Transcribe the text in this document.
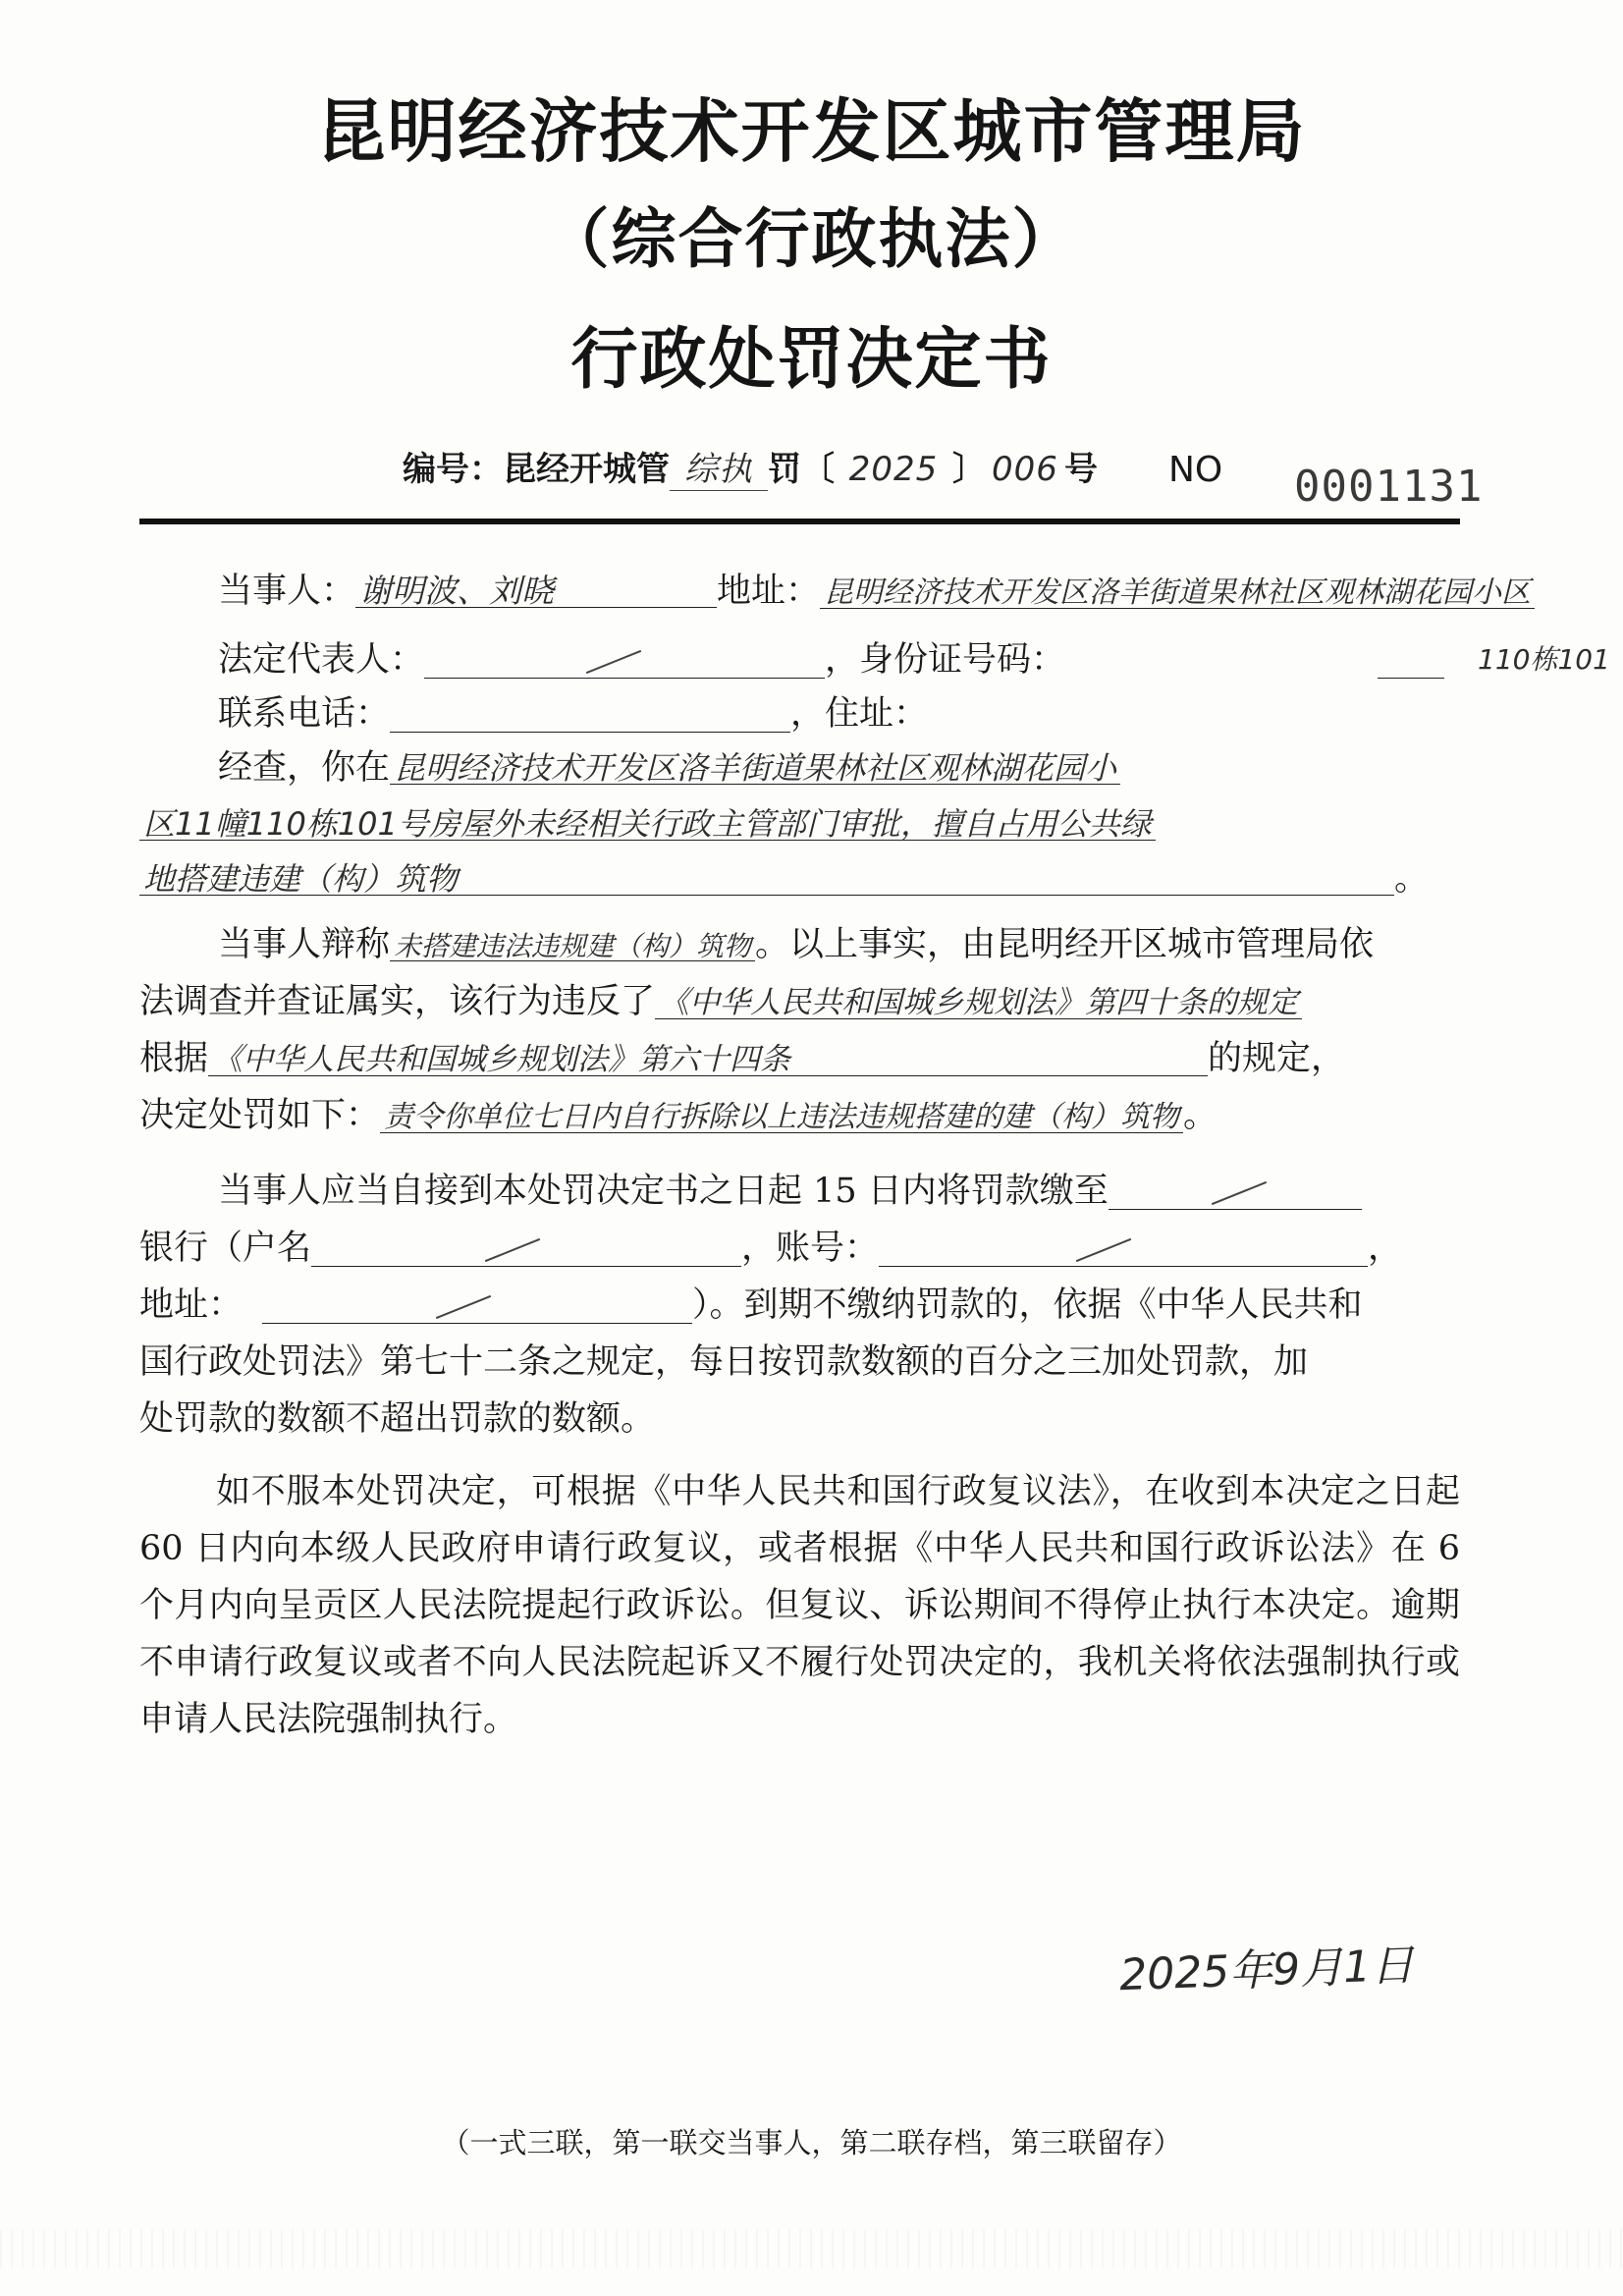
昆明经济技术开发区城市管理局
（综合行政执法）
行政处罚决定书
编号：昆经开城管 综执 罚〔 2025 〕 006 号 NO 0001131
当事人： 谢明波、刘晓	地址： 昆明经济技术开发区洛羊街道果林社区观林湖花园小区
110栋101
法定代表人：	，身份证号码：
联系电话：	，住址：
经查，你在 昆明经济技术开发区洛羊街道果林社区观林湖花园小
区11幢110栋101号房屋外未经相关行政主管部门审批，擅自占用公共绿
地搭建违建（构）筑物	。
当事人辩称 未搭建违法违规建（构）筑物 。以上事实，由昆明经开区城市管理局依
法调查并查证属实，该行为违反了 《中华人民共和国城乡规划法》第四十条的规定
根据 《中华人民共和国城乡规划法》第六十四条	的规定，
决定处罚如下： 责令你单位七日内自行拆除以上违法违规搭建的建（构）筑物 。
当事人应当自接到本处罚决定书之日起 15 日内将罚款缴至
银行（户名	，账号：	，
地址：	）。到期不缴纳罚款的，依据《中华人民共和
国行政处罚法》第七十二条之规定，每日按罚款数额的百分之三加处罚款，加
处罚款的数额不超出罚款的数额。
如不服本处罚决定，可根据《中华人民共和国行政复议法》，在收到本决定之日起 60 日内向本级人民政府申请行政复议，或者根据《中华人民共和国行政诉讼法》在 6 个月内向呈贡区人民法院提起行政诉讼。但复议、诉讼期间不得停止执行本决定。逾期不申请行政复议或者不向人民法院起诉又不履行处罚决定的，我机关将依法强制执行或申请人民法院强制执行。
2025年9月1日
（一式三联，第一联交当事人，第二联存档，第三联留存）
